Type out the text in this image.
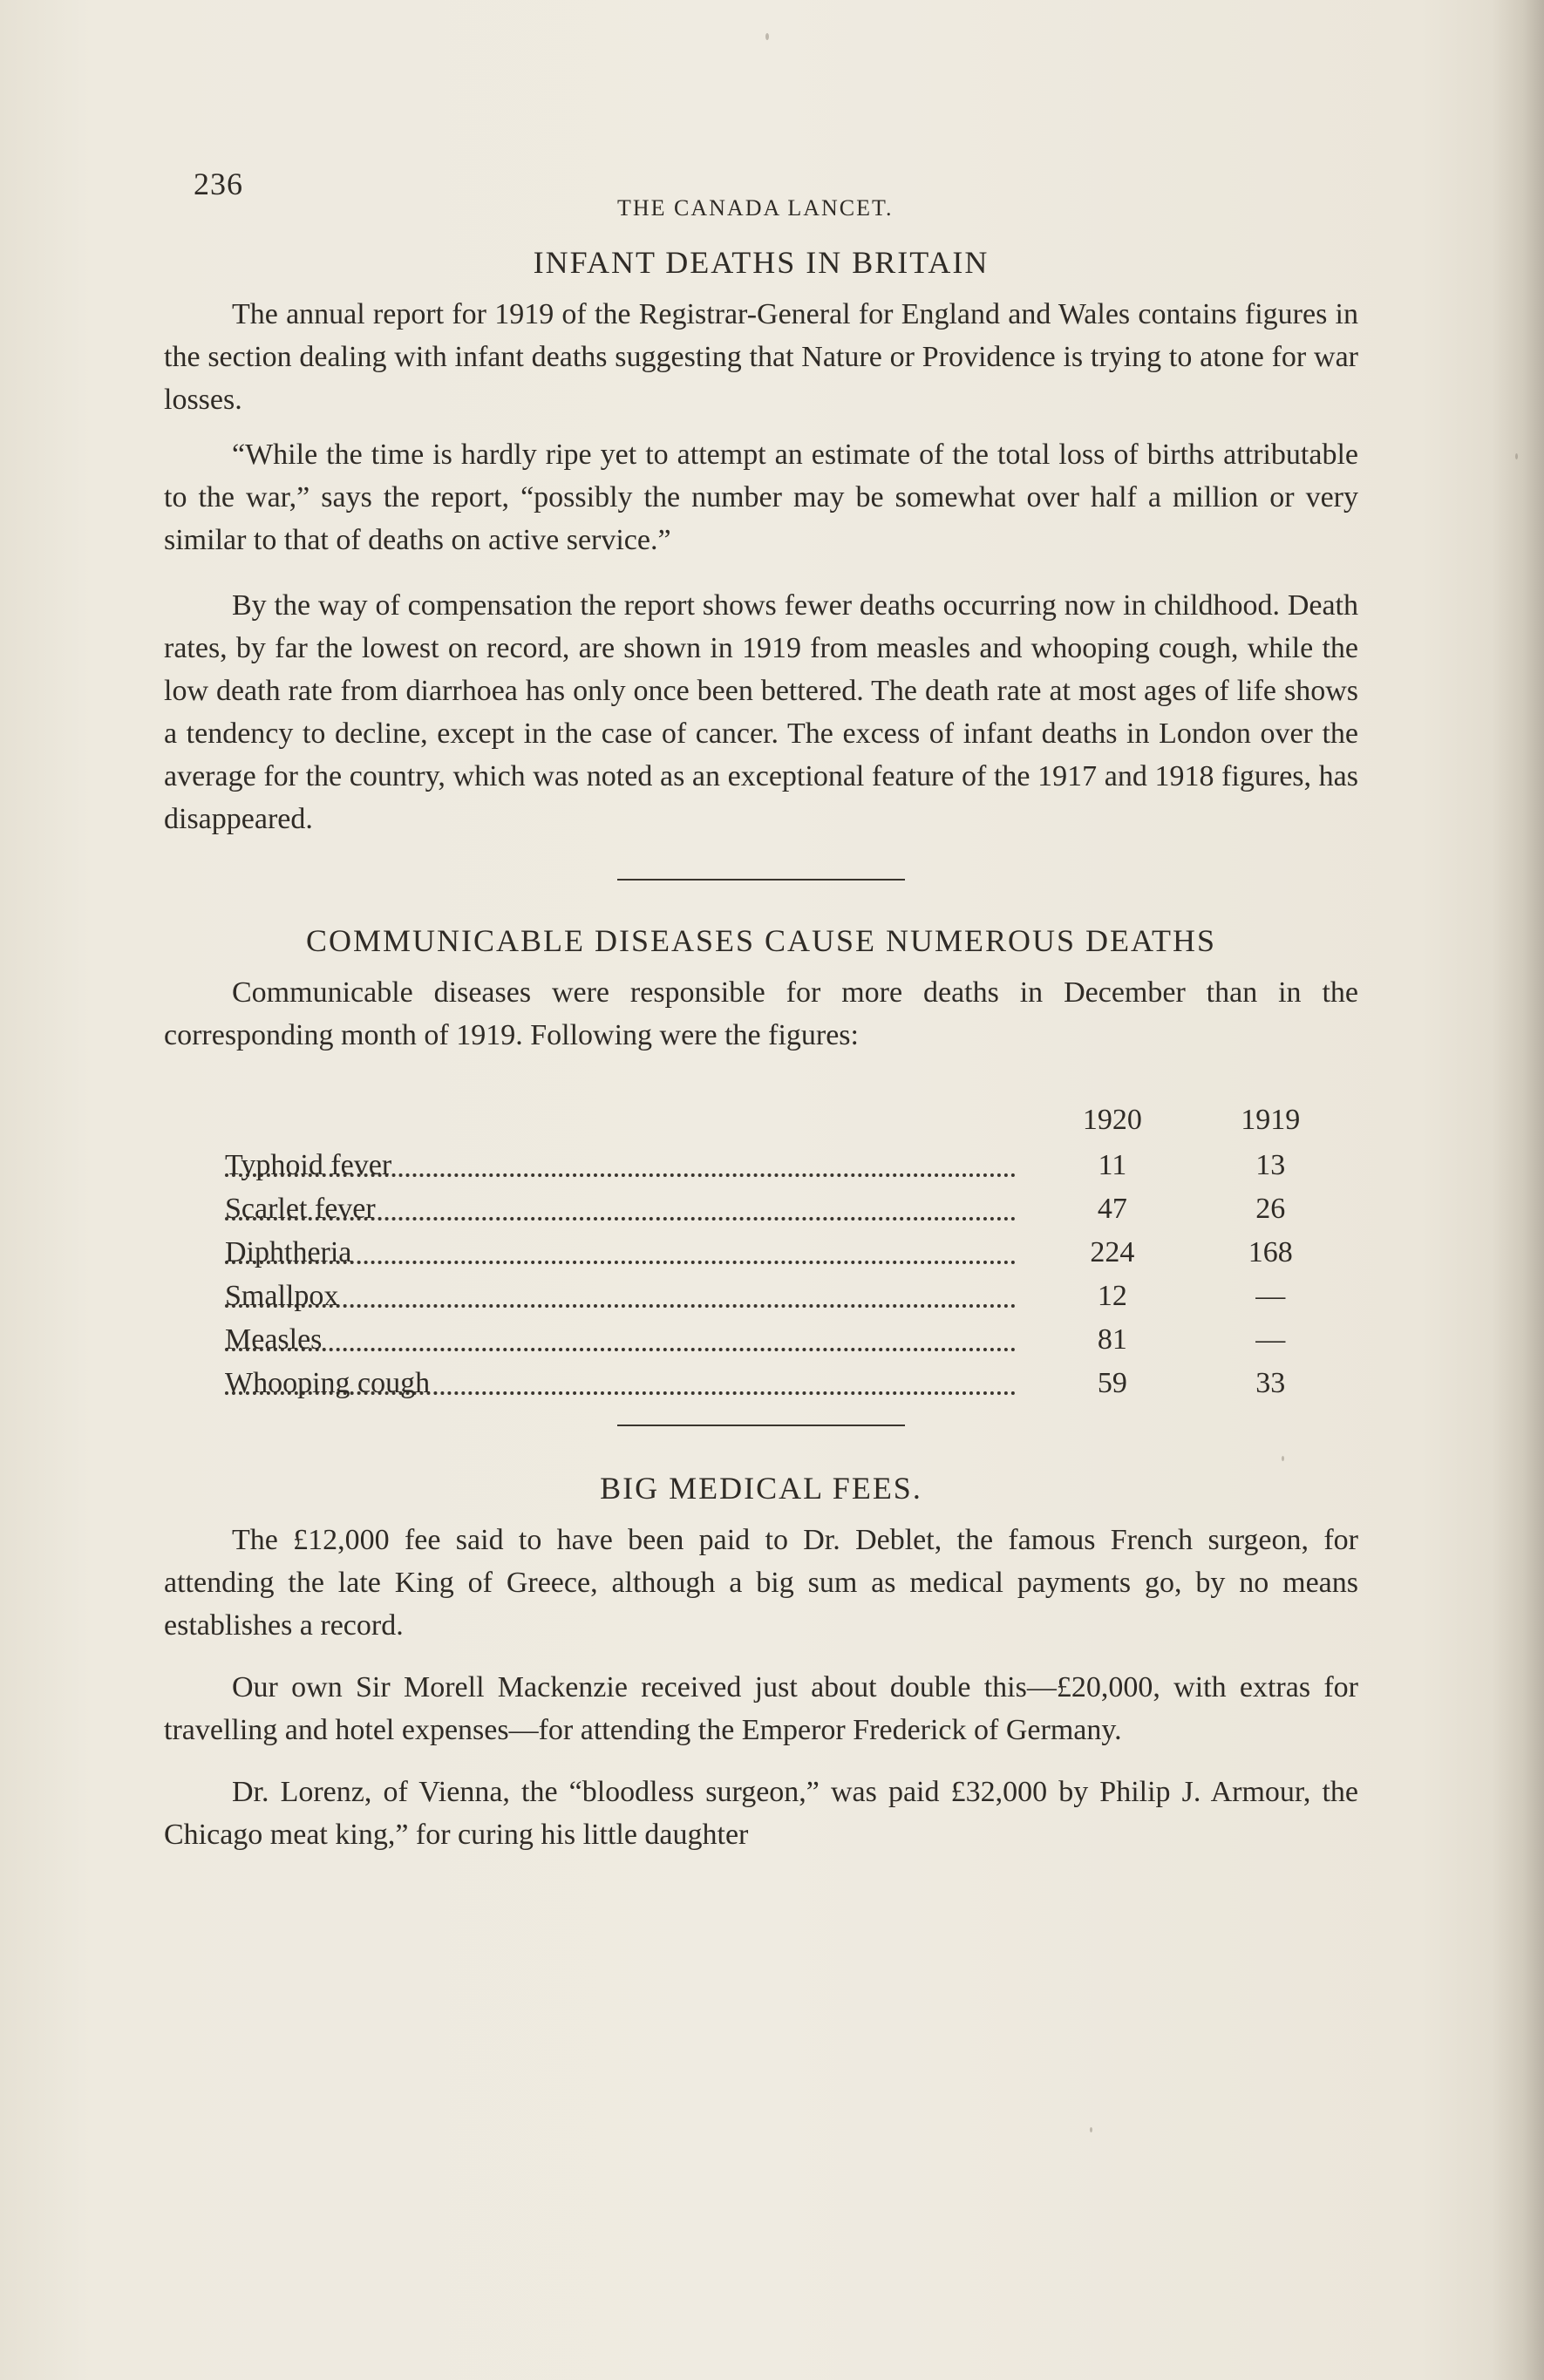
236
THE CANADA LANCET.
INFANT DEATHS IN BRITAIN

The annual report for 1919 of the Registrar-General for England and Wales contains figures in the section dealing with infant deaths suggesting that Nature or Providence is trying to atone for war losses.

“While the time is hardly ripe yet to attempt an estimate of the total loss of births attributable to the war,” says the report, “possibly the number may be somewhat over half a million or very similar to that of deaths on active service.”

By the way of compensation the report shows fewer deaths occurring now in childhood. Death rates, by far the lowest on record, are shown in 1919 from measles and whooping cough, while the low death rate from diarrhoea has only once been bettered. The death rate at most ages of life shows a tendency to decline, except in the case of cancer. The excess of infant deaths in London over the average for the country, which was noted as an exceptional feature of the 1917 and 1918 figures, has disappeared.

COMMUNICABLE DISEASES CAUSE NUMEROUS DEATHS

Communicable diseases were responsible for more deaths in December than in the corresponding month of 1919. Following were the figures:

	1920	1919
Typhoid fever	11	13
Scarlet fever	47	26
Diphtheria	224	168
Smallpox	12	—
Measles	81	—
Whooping cough	59	33
BIG MEDICAL FEES.

The £12,000 fee said to have been paid to Dr. Deblet, the famous French surgeon, for attending the late King of Greece, although a big sum as medical payments go, by no means establishes a record.

Our own Sir Morell Mackenzie received just about double this—£20,000, with extras for travelling and hotel expenses—for attending the Emperor Frederick of Germany.

Dr. Lorenz, of Vienna, the “bloodless surgeon,” was paid £32,000 by Philip J. Armour, the Chicago meat king,” for curing his little daughter
